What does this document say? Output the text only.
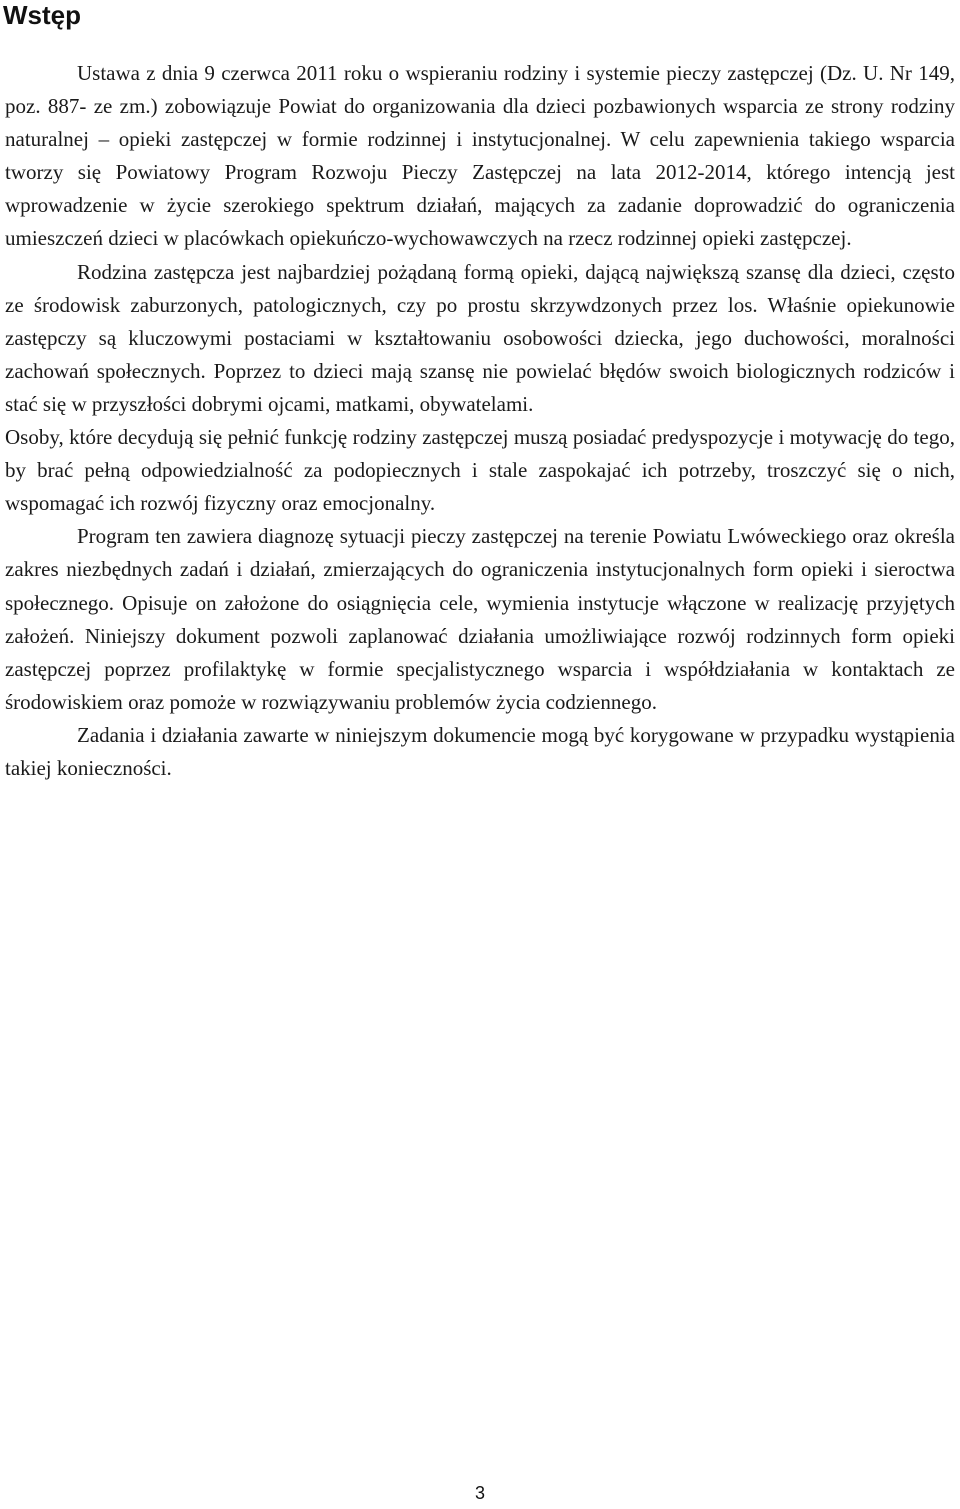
Wstęp

Ustawa z dnia 9 czerwca 2011 roku o wspieraniu rodziny i systemie pieczy zastępczej (Dz. U. Nr 149, poz. 887- ze zm.) zobowiązuje Powiat do organizowania dla dzieci pozbawionych wsparcia ze strony rodziny naturalnej – opieki zastępczej w formie rodzinnej i instytucjonalnej. W celu zapewnienia takiego wsparcia tworzy się Powiatowy Program Rozwoju Pieczy Zastępczej na lata 2012-2014, którego intencją jest wprowadzenie w życie szerokiego spektrum działań, mających za zadanie doprowadzić do ograniczenia umieszczeń dzieci w placówkach opiekuńczo-wychowawczych na rzecz rodzinnej opieki zastępczej.

Rodzina zastępcza jest najbardziej pożądaną formą opieki, dającą największą szansę dla dzieci, często ze środowisk zaburzonych, patologicznych, czy po prostu skrzywdzonych przez los. Właśnie opiekunowie zastępczy są kluczowymi postaciami w kształtowaniu osobowości dziecka, jego duchowości, moralności zachowań społecznych. Poprzez to dzieci mają szansę nie powielać błędów swoich biologicznych rodziców i stać się w przyszłości dobrymi ojcami, matkami, obywatelami.

Osoby, które decydują się pełnić funkcję rodziny zastępczej muszą posiadać predyspozycje i motywację do tego, by brać pełną odpowiedzialność za podopiecznych i stale zaspokajać ich potrzeby, troszczyć się o nich, wspomagać ich rozwój fizyczny oraz emocjonalny.

Program ten zawiera diagnozę sytuacji pieczy zastępczej na terenie Powiatu Lwóweckiego oraz określa zakres niezbędnych zadań i działań, zmierzających do ograniczenia instytucjonalnych form opieki i sieroctwa społecznego. Opisuje on założone do osiągnięcia cele, wymienia instytucje włączone w realizację przyjętych założeń. Niniejszy dokument pozwoli zaplanować działania umożliwiające rozwój rodzinnych form opieki zastępczej poprzez profilaktykę w formie specjalistycznego wsparcia i współdziałania w kontaktach ze środowiskiem oraz pomoże w rozwiązywaniu problemów życia codziennego.

Zadania i działania zawarte w niniejszym dokumencie mogą być korygowane w przypadku wystąpienia takiej konieczności.

3
